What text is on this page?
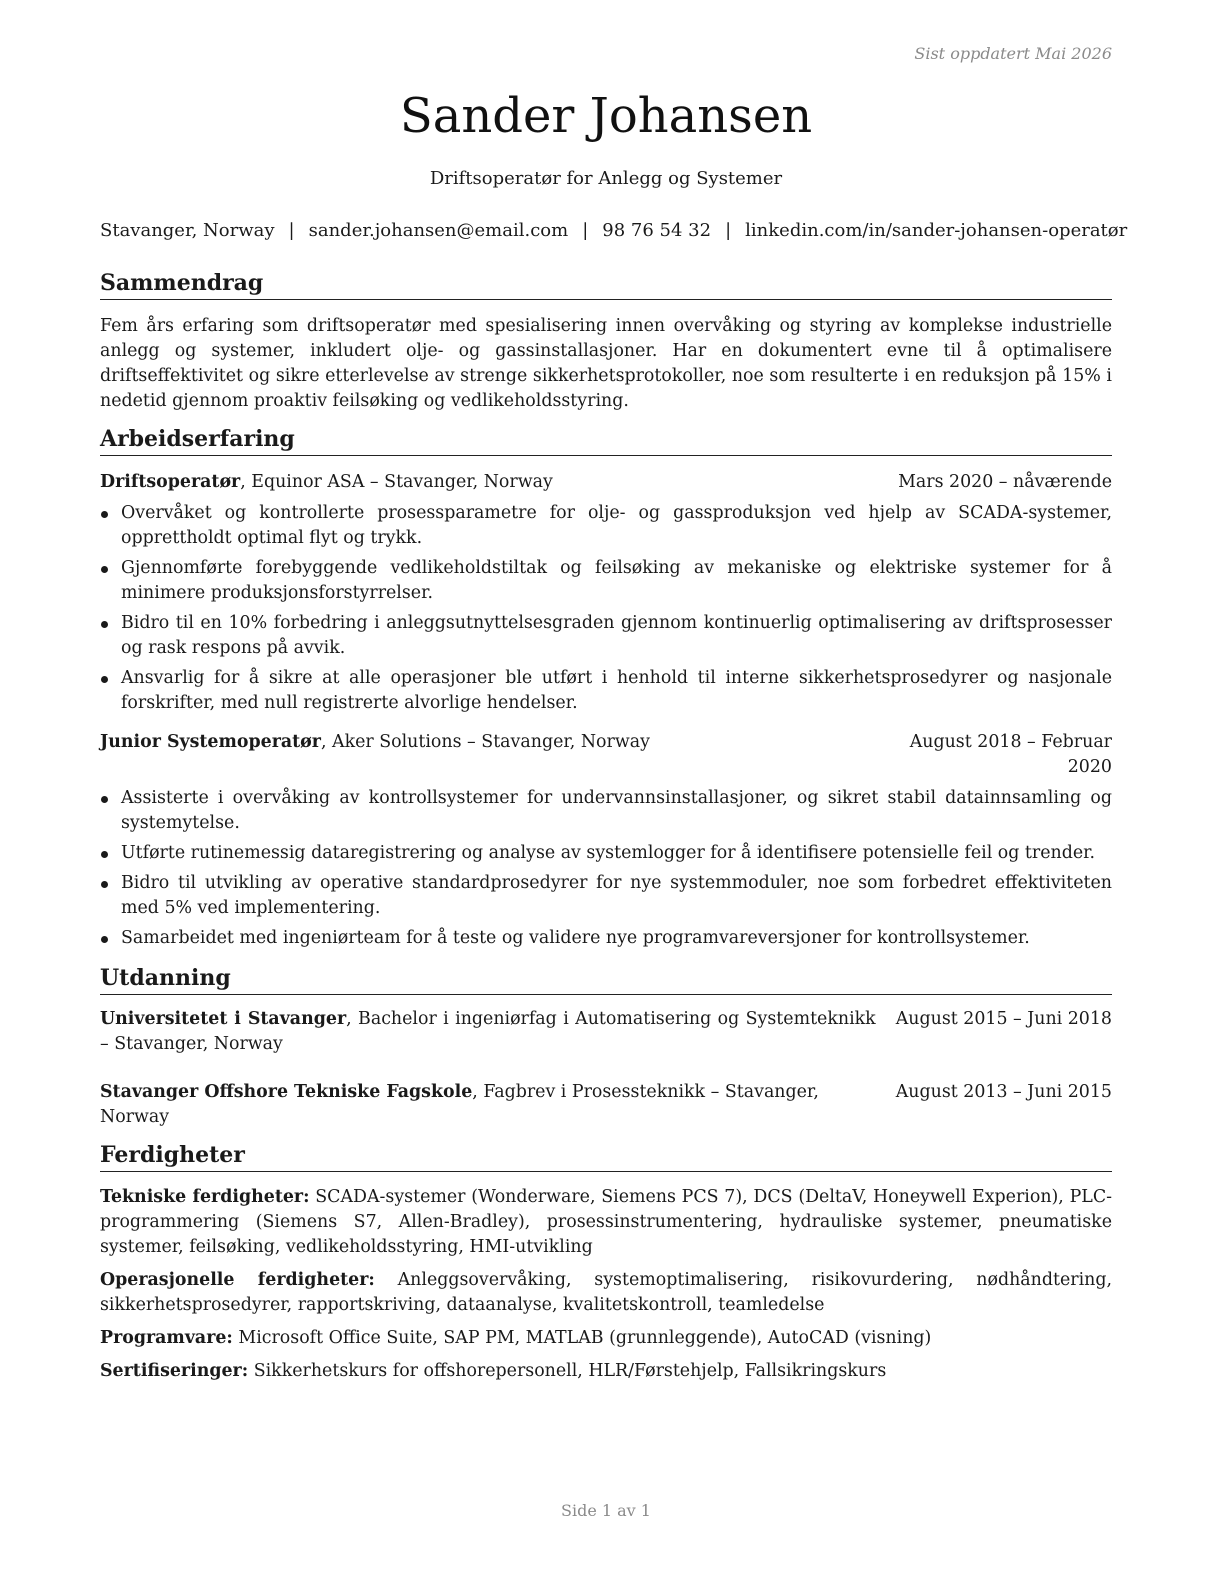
Sist oppdatert Mai 2026
Sander Johansen
Driftsoperatør for Anlegg og Systemer
Stavanger, Norway | sander.johansen@email.com | 98 76 54 32 | linkedin.com/in/sander-johansen-operatør
Sammendrag

Fem års erfaring som driftsoperatør med spesialisering innen overvåking og styring av komplekse industrielle anlegg og systemer, inkludert olje- og gassinstallasjoner. Har en dokumentert evne til å optimalisere driftseffektivitet og sikre etterlevelse av strenge sikkerhetsprotokoller, noe som resulterte i en reduksjon på 15% i nedetid gjennom proaktiv feilsøking og vedlikeholdsstyring.

Arbeidserfaring
Driftsoperatør, Equinor ASA – Stavanger, Norway	Mars 2020 – nåværende
Overvåket og kontrollerte prosessparametre for olje- og gassproduksjon ved hjelp av SCADA-systemer, opprettholdt optimal flyt og trykk.
Gjennomførte forebyggende vedlikeholdstiltak og feilsøking av mekaniske og elektriske systemer for å minimere produksjonsforstyrrelser.
Bidro til en 10% forbedring i anleggsutnyttelsesgraden gjennom kontinuerlig optimalisering av driftsprosesser og rask respons på avvik.
Ansvarlig for å sikre at alle operasjoner ble utført i henhold til interne sikkerhetsprosedyrer og nasjonale forskrifter, med null registrerte alvorlige hendelser.
Junior Systemoperatør, Aker Solutions – Stavanger, Norway	August 2018 – Februar
2020
Assisterte i overvåking av kontrollsystemer for undervannsinstallasjoner, og sikret stabil datainnsamling og systemytelse.
Utførte rutinemessig dataregistrering og analyse av systemlogger for å identifisere potensielle feil og trender.
Bidro til utvikling av operative standardprosedyrer for nye systemmoduler, noe som forbedret effektiviteten med 5% ved implementering.
Samarbeidet med ingeniørteam for å teste og validere nye programvareversjoner for kontrollsystemer.
Utdanning
Universitetet i Stavanger, Bachelor i ingeniørfag i Automatisering og Systemteknikk – Stavanger, Norway
August 2015 – Juni 2018
Stavanger Offshore Tekniske Fagskole, Fagbrev i Prosessteknikk – Stavanger, Norway
August 2013 – Juni 2015
Ferdigheter

Tekniske ferdigheter: SCADA-systemer (Wonderware, Siemens PCS 7), DCS (DeltaV, Honeywell Experion), PLC-programmering (Siemens S7, Allen-Bradley), prosessinstrumentering, hydrauliske systemer, pneumatiske systemer, feilsøking, vedlikeholdsstyring, HMI-utvikling

Operasjonelle ferdigheter: Anleggsovervåking, systemoptimalisering, risikovurdering, nødhåndtering, sikkerhetsprosedyrer, rapportskriving, dataanalyse, kvalitetskontroll, teamledelse

Programvare: Microsoft Office Suite, SAP PM, MATLAB (grunnleggende), AutoCAD (visning)

Sertifiseringer: Sikkerhetskurs for offshorepersonell, HLR/Førstehjelp, Fallsikringskurs

Side 1 av 1
